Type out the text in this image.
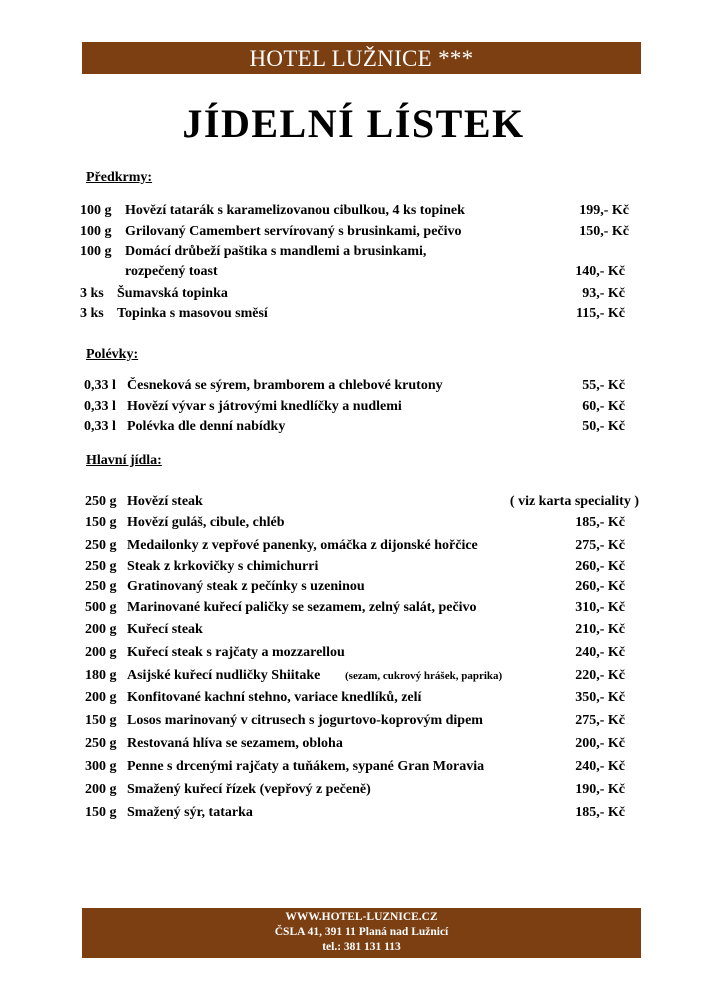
HOTEL LUŽNICE ***
JÍDELNÍ LÍSTEK
Předkrmy:
100 g Hovězí tatarák s karamelizovanou cibulkou, 4 ks topinek	199,- Kč
100 g Grilovaný Camembert servírovaný s brusinkami, pečivo	150,- Kč
100 g Domácí drůbeží paštika s mandlemi a brusinkami,
rozpečený toast	140,- Kč
3 ks Šumavská topinka	93,- Kč
3 ks Topinka s masovou směsí	115,- Kč
Polévky:
0,33 l Česneková se sýrem, bramborem a chlebové krutony	55,- Kč
0,33 l Hovězí vývar s játrovými knedlíčky a nudlemi	60,- Kč
0,33 l Polévka dle denní nabídky	50,- Kč
Hlavní jídla:
250 g Hovězí steak	( viz karta speciality )
150 g Hovězí guláš, cibule, chléb	185,- Kč
250 g Medailonky z vepřové panenky, omáčka z dijonské hořčice	275,- Kč
250 g Steak z krkovičky s chimichurri	260,- Kč
250 g Gratinovaný steak z pečínky s uzeninou	260,- Kč
500 g Marinované kuřecí paličky se sezamem, zelný salát, pečivo	310,- Kč
200 g Kuřecí steak	210,- Kč
200 g Kuřecí steak s rajčaty a mozzarellou	240,- Kč
180 g Asijské kuřecí nudličky Shiitake (sezam, cukrový hrášek, paprika)	220,- Kč
200 g Konfitované kachní stehno, variace knedlíků, zelí	350,- Kč
150 g Losos marinovaný v citrusech s jogurtovo-koprovým dipem	275,- Kč
250 g Restovaná hlíva se sezamem, obloha	200,- Kč
300 g Penne s drcenými rajčaty a tuňákem, sypané Gran Moravia	240,- Kč
200 g Smažený kuřecí řízek (vepřový z pečeně)	190,- Kč
150 g Smažený sýr, tatarka	185,- Kč
WWW.HOTEL-LUZNICE.CZ
ČSLA 41, 391 11 Planá nad Lužnicí
tel.: 381 131 113
